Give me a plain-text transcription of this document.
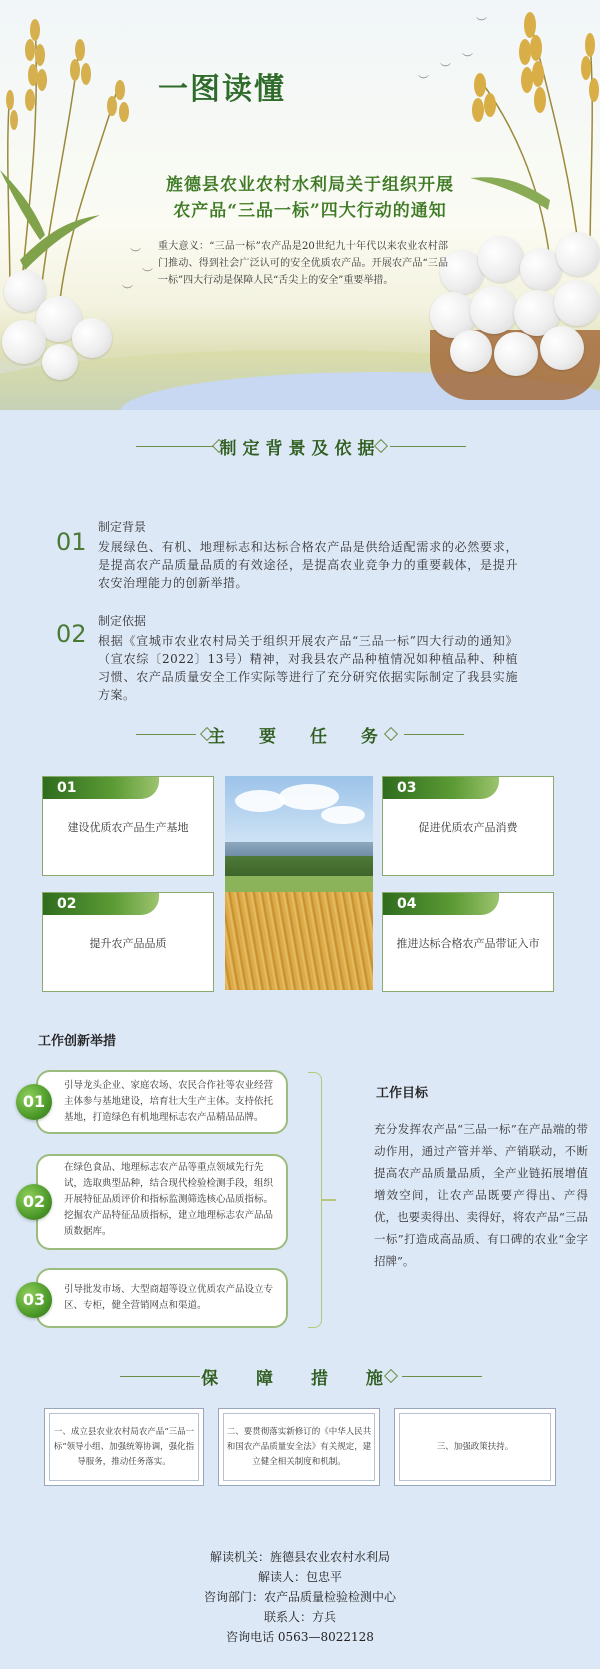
︶
︶
︶
︶
︶
︶
︶
一图读懂
旌德县农业农村水利局关于组织开展
农产品“三品一标”四大行动的通知
重大意义：“三品一标”农产品是20世纪九十年代以来农业农村部门推动、得到社会广泛认可的安全优质农产品。开展农产品“三品一标”四大行动是保障人民“舌尖上的安全”重要举措。
制定背景及依据
01
制定背景
发展绿色、有机、地理标志和达标合格农产品是供给适配需求的必然要求，是提高农产品质量品质的有效途径，是提高农业竞争力的重要载体，是提升农安治理能力的创新举措。
02 制定依据
根据《宣城市农业农村局关于组织开展农产品“三品一标”四大行动的通知》（宣农综〔2022〕13号）精神，对我县农产品种植情况如种植品种、种植习惯、农产品质量安全工作实际等进行了充分研究依据实际制定了我县实施方案。
主 要 任 务
01
建设优质农产品生产基地
03
促进优质农产品消费
02
提升农产品品质
04
推进达标合格农产品带证入市
工作创新举措
引导龙头企业、家庭农场、农民合作社等农业经营主体参与基地建设，培育壮大生产主体。支持依托基地，打造绿色有机地理标志农产品精品品牌。
01
在绿色食品、地理标志农产品等重点领域先行先试，选取典型品种，结合现代检验检测手段，组织开展特征品质评价和指标监测筛选核心品质指标。挖掘农产品特征品质指标，建立地理标志农产品品质数据库。
02
引导批发市场、大型商超等设立优质农产品设立专区、专柜，健全营销网点和渠道。
03
工作目标
充分发挥农产品“三品一标”在产品端的带动作用，通过产管并举、产销联动，不断提高农产品质量品质，全产业链拓展增值增效空间，让农产品既要产得出、产得优，也要卖得出、卖得好，将农产品“三品一标”打造成高品质、有口碑的农业“金字招牌”。
保 障 措 施
一、成立县农业农村局农产品“三品一标”领导小组、加强统筹协调，强化指导服务，推动任务落实。
二、要贯彻落实新修订的《中华人民共和国农产品质量安全法》有关规定，建立健全相关制度和机制。
三、加强政策扶持。
解读机关：旌德县农业农村水利局
解读人：包忠平
咨询部门：农产品质量检验检测中心
联系人：方兵
咨询电话 0563—8022128
